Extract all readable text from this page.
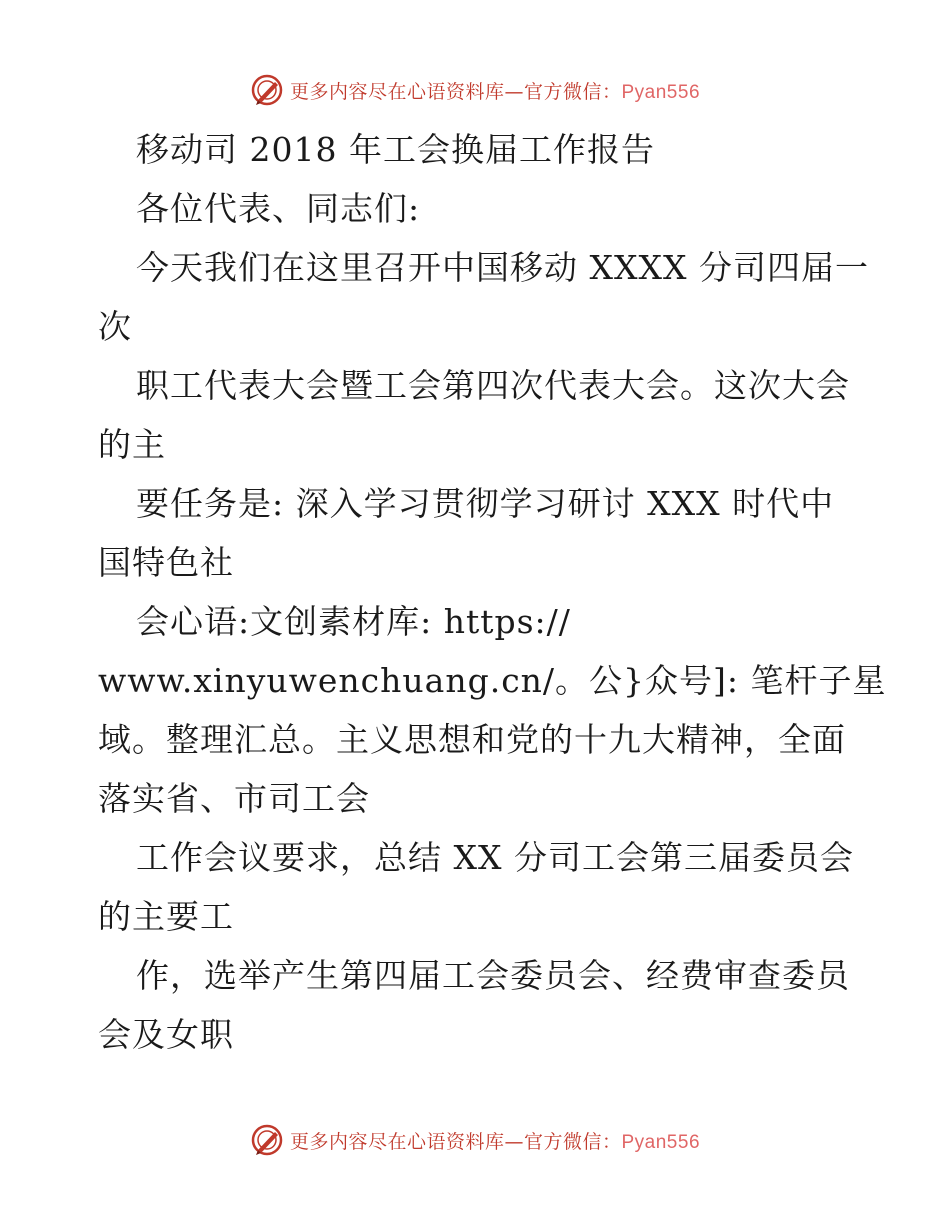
更多内容尽在心语资料库—官方微信：Pyan556
移动司 2018 年工会换届工作报告
各位代表、同志们:
今天我们在这里召开中国移动 XXXX 分司四届一
次
职工代表大会暨工会第四次代表大会。这次大会
的主
要任务是: 深入学习贯彻学习研讨 XXX 时代中
国特色社
会心语:文创素材库: https://
www.xinyuwenchuang.cn/。公}众号]: 笔杆子星
域。整理汇总。主义思想和党的十九大精神，全面
落实省、市司工会
工作会议要求，总结 XX 分司工会第三届委员会
的主要工
作，选举产生第四届工会委员会、经费审查委员
会及女职
更多内容尽在心语资料库—官方微信：Pyan556
